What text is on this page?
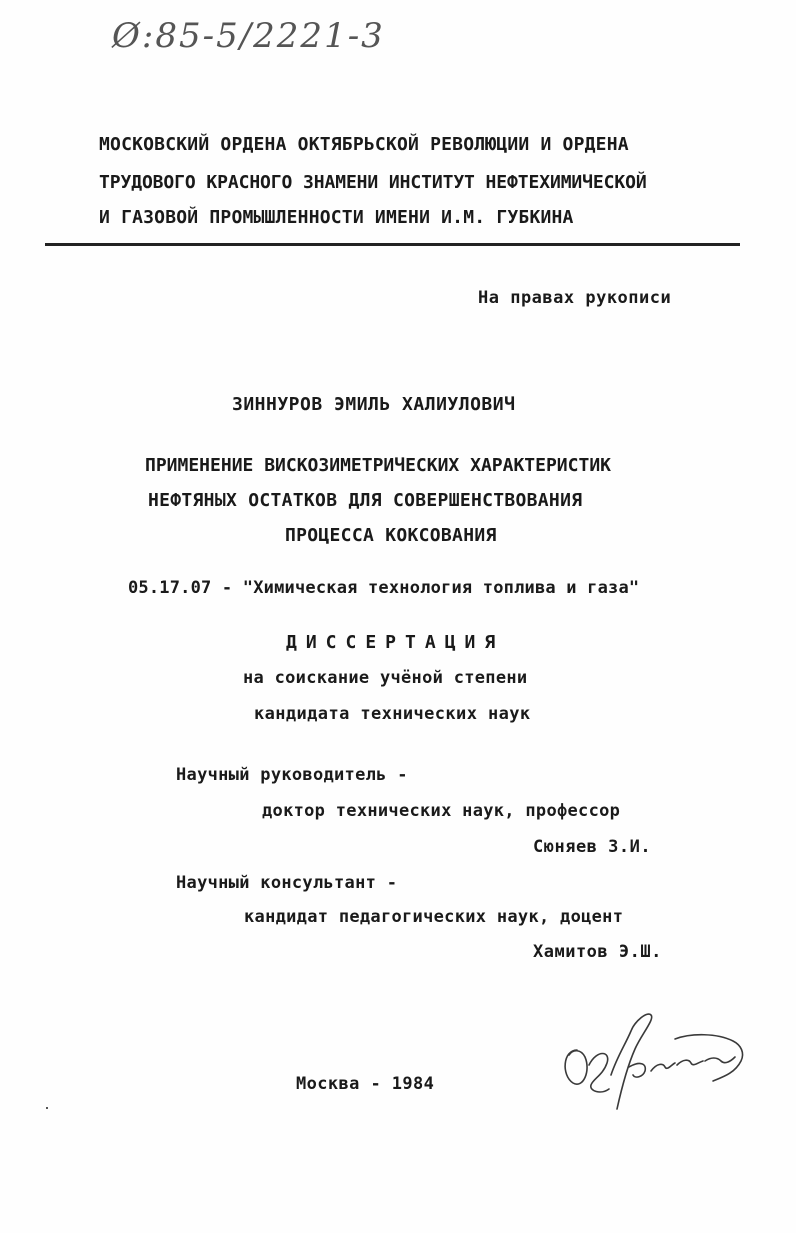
Ø:85-5/2221-3
МОСКОВСКИЙ ОРДЕНА ОКТЯБРЬСКОЙ РЕВОЛЮЦИИ И ОРДЕНА
ТРУДОВОГО КРАСНОГО ЗНАМЕНИ ИНСТИТУТ НЕФТЕХИМИЧЕСКОЙ
И ГАЗОВОЙ ПРОМЫШЛЕННОСТИ ИМЕНИ И.М. ГУБКИНА
На правах рукописи
ЗИННУРОВ ЭМИЛЬ ХАЛИУЛОВИЧ
ПРИМЕНЕНИЕ ВИСКОЗИМЕТРИЧЕСКИХ ХАРАКТЕРИСТИК
НЕФТЯНЫХ ОСТАТКОВ ДЛЯ СОВЕРШЕНСТВОВАНИЯ
ПРОЦЕССА КОКСОВАНИЯ
05.17.07 - "Химическая технология топлива и газа"
ДИССЕРТАЦИЯ
на соискание учёной степени
кандидата технических наук
Научный руководитель -
доктор технических наук, профессор
Сюняев З.И.
Научный консультант -
кандидат педагогических наук, доцент
Хамитов Э.Ш.
Москва - 1984
